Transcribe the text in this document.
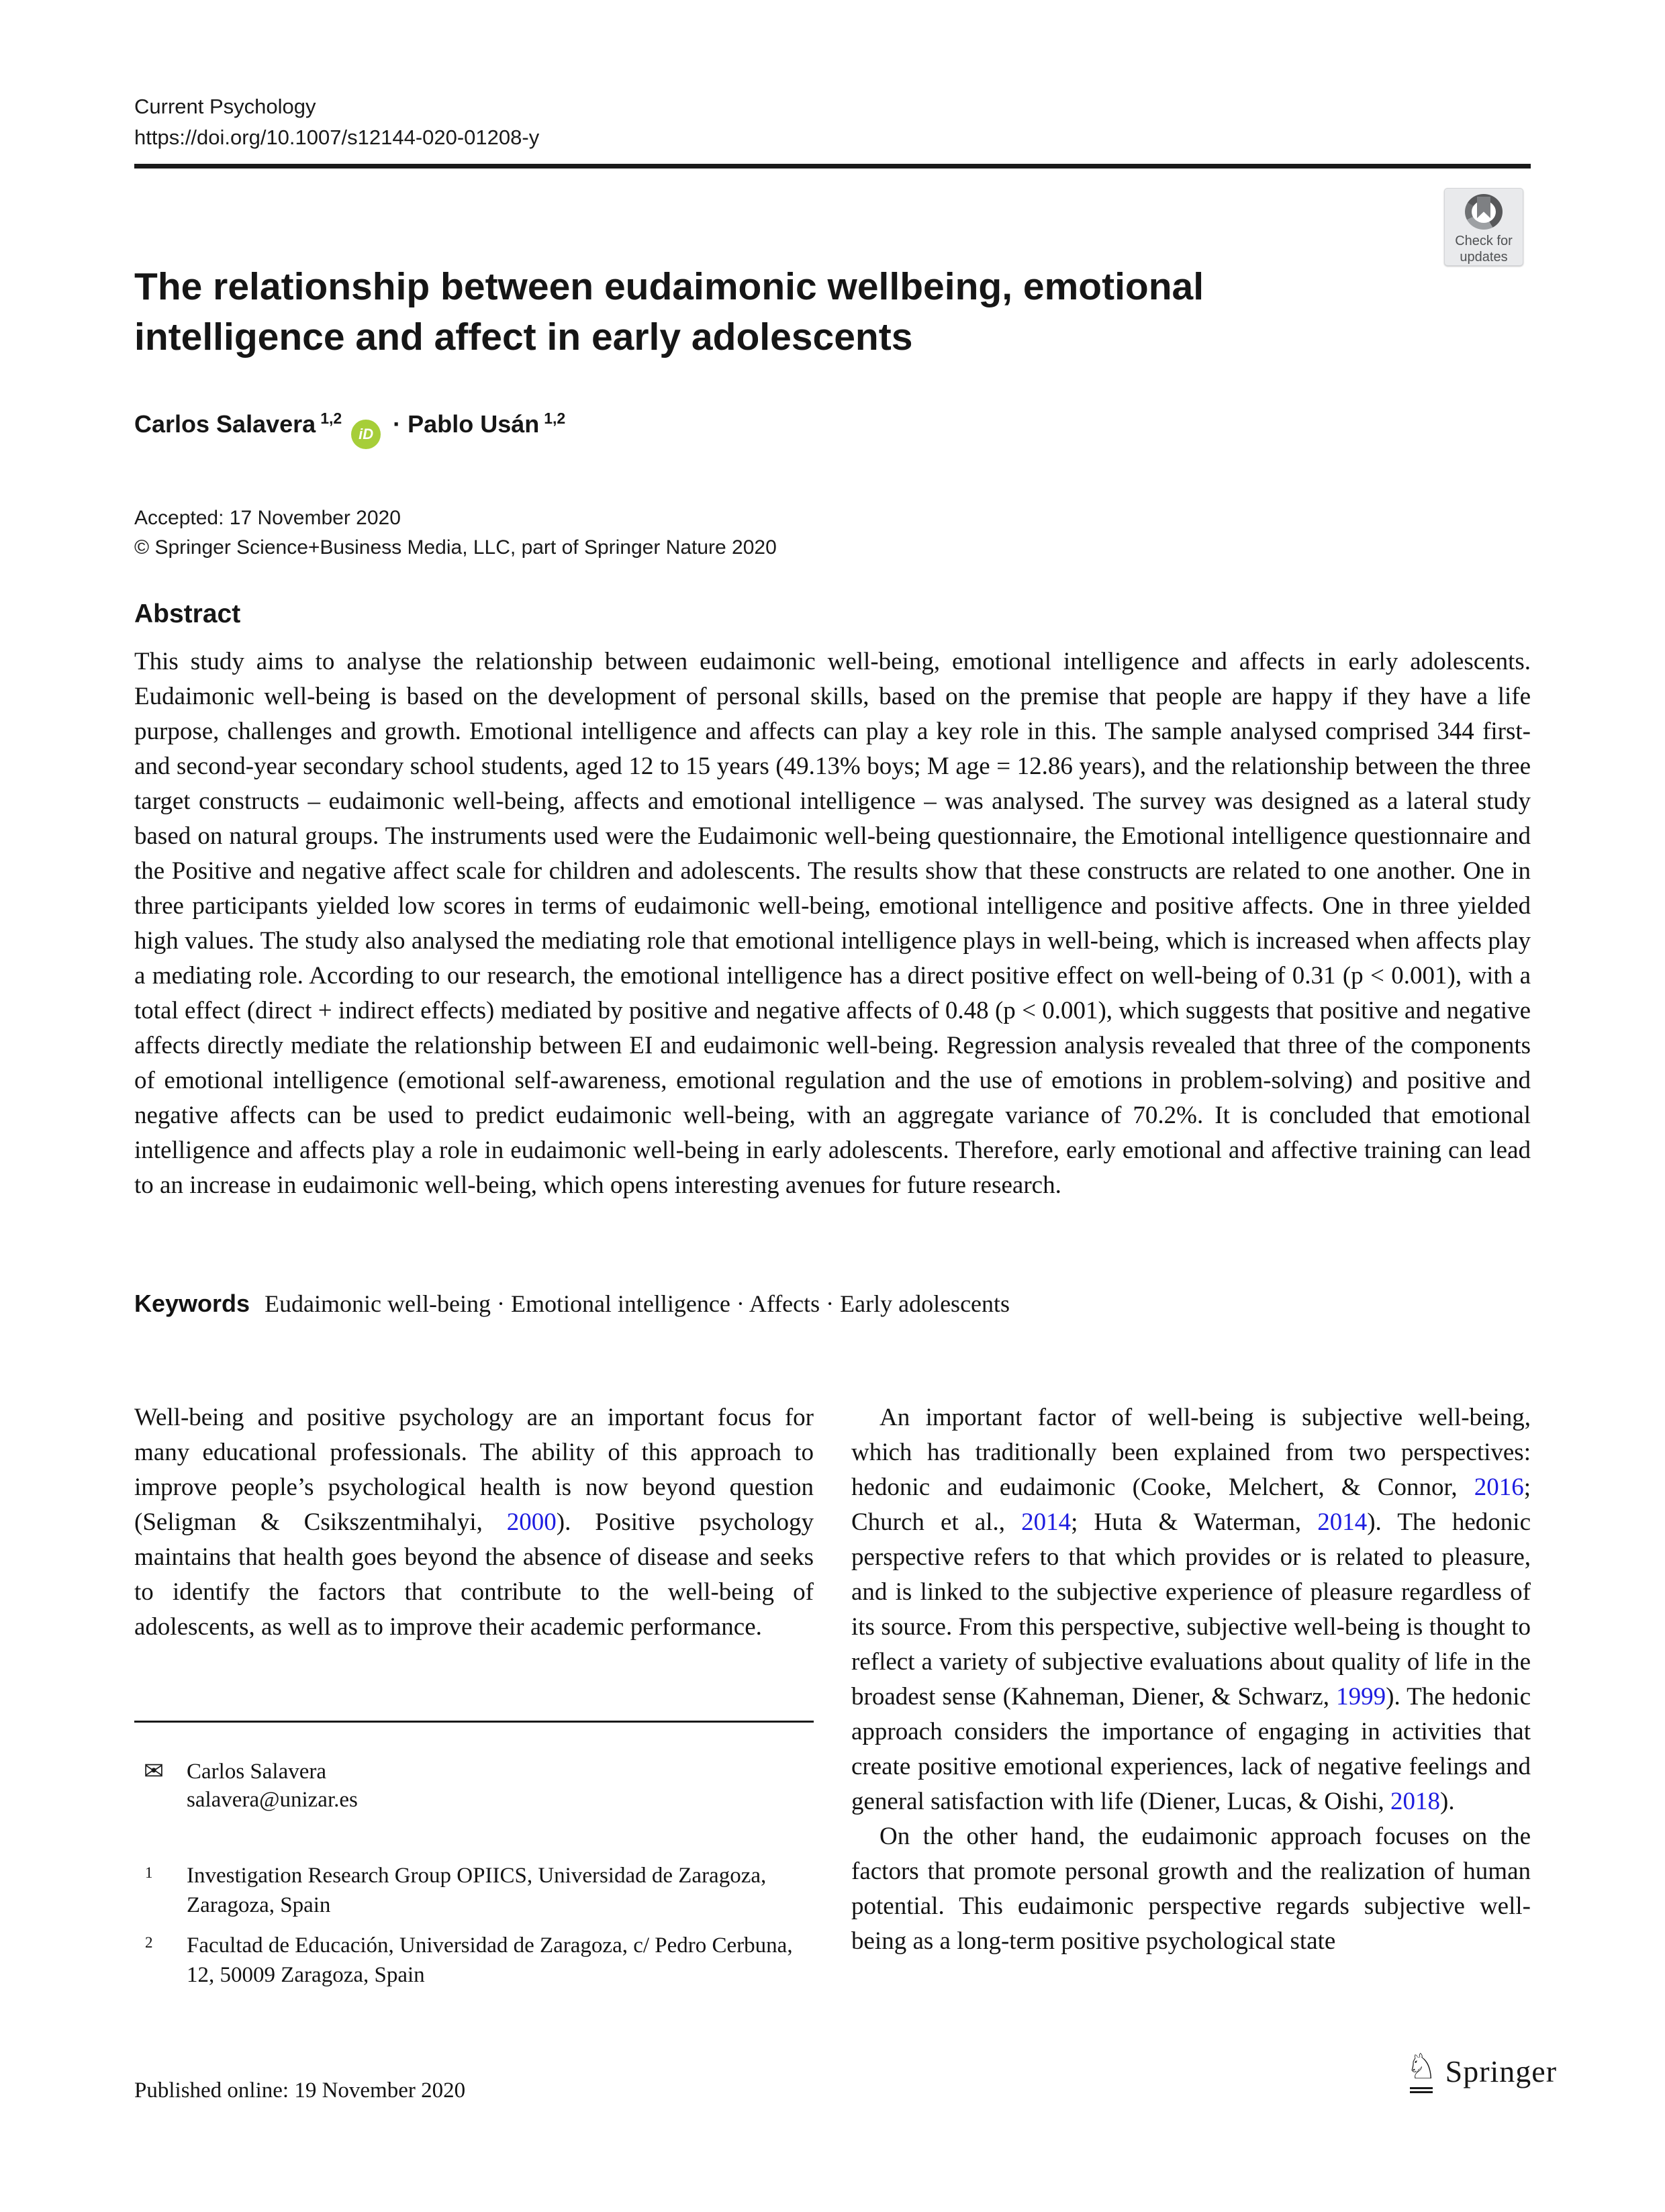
Current Psychology
https://doi.org/10.1007/s12144-020-01208-y
Check for
updates
The relationship between eudaimonic wellbeing, emotional
intelligence and affect in early adolescents
Carlos Salavera $^{1,2}$iD · Pablo Usán $^{1,2}$
Accepted: 17 November 2020
© Springer Science+Business Media, LLC, part of Springer Nature 2020
Abstract

This study aims to analyse the relationship between eudaimonic well-being, emotional intelligence and affects in early adolescents. Eudaimonic well-being is based on the development of personal skills, based on the premise that people are happy if they have a life purpose, challenges and growth. Emotional intelligence and affects can play a key role in this. The sample analysed comprised 344 first- and second-year secondary school students, aged 12 to 15 years (49.13% boys; M age = 12.86 years), and the relationship between the three target constructs – eudaimonic well-being, affects and emotional intelligence – was analysed. The survey was designed as a lateral study based on natural groups. The instruments used were the Eudaimonic well-being questionnaire, the Emotional intelligence questionnaire and the Positive and negative affect scale for children and adolescents. The results show that these constructs are related to one another. One in three participants yielded low scores in terms of eudaimonic well-being, emotional intelligence and positive affects. One in three yielded high values. The study also analysed the mediating role that emotional intelligence plays in well-being, which is increased when affects play a mediating role. According to our research, the emotional intelligence has a direct positive effect on well-being of 0.31 (p < 0.001), with a total effect (direct + indirect effects) mediated by positive and negative affects of 0.48 (p < 0.001), which suggests that positive and negative affects directly mediate the relationship between EI and eudaimonic well-being. Regression analysis revealed that three of the components of emotional intelligence (emotional self-awareness, emotional regulation and the use of emotions in problem-solving) and positive and negative affects can be used to predict eudaimonic well-being, with an aggregate variance of 70.2%. It is concluded that emotional intelligence and affects play a role in eudaimonic well-being in early adolescents. Therefore, early emotional and affective training can lead to an increase in eudaimonic well-being, which opens interesting avenues for future research.

Keywords Eudaimonic well-being · Emotional intelligence · Affects · Early adolescents

Well-being and positive psychology are an important focus for many educational professionals. The ability of this approach to improve people’s psychological health is now beyond question (Seligman & Csikszentmihalyi, 2000). Positive psychology maintains that health goes beyond the absence of disease and seeks to identify the factors that contribute to the well-being of adolescents, as well as to improve their academic performance.

An important factor of well-being is subjective well-being, which has traditionally been explained from two perspectives: hedonic and eudaimonic (Cooke, Melchert, & Connor, 2016; Church et al., 2014; Huta & Waterman, 2014). The hedonic perspective refers to that which provides or is related to pleasure, and is linked to the subjective experience of pleasure regardless of its source. From this perspective, subjective well-being is thought to reflect a variety of subjective evaluations about quality of life in the broadest sense (Kahneman, Diener, & Schwarz, 1999). The hedonic approach considers the importance of engaging in activities that create positive emotional experiences, lack of negative feelings and general satisfaction with life (Diener, Lucas, & Oishi, 2018).

On the other hand, the eudaimonic approach focuses on the factors that promote personal growth and the realization of human potential. This eudaimonic perspective regards subjective well-being as a long-term positive psychological state

✉	Carlos Salavera
salavera@unizar.es
1	Investigation Research Group OPIICS, Universidad de Zaragoza, Zaragoza, Spain
2	Facultad de Educación, Universidad de Zaragoza, c/ Pedro Cerbuna, 12, 50009 Zaragoza, Spain
Published online: 19 November 2020
♘ Springer
